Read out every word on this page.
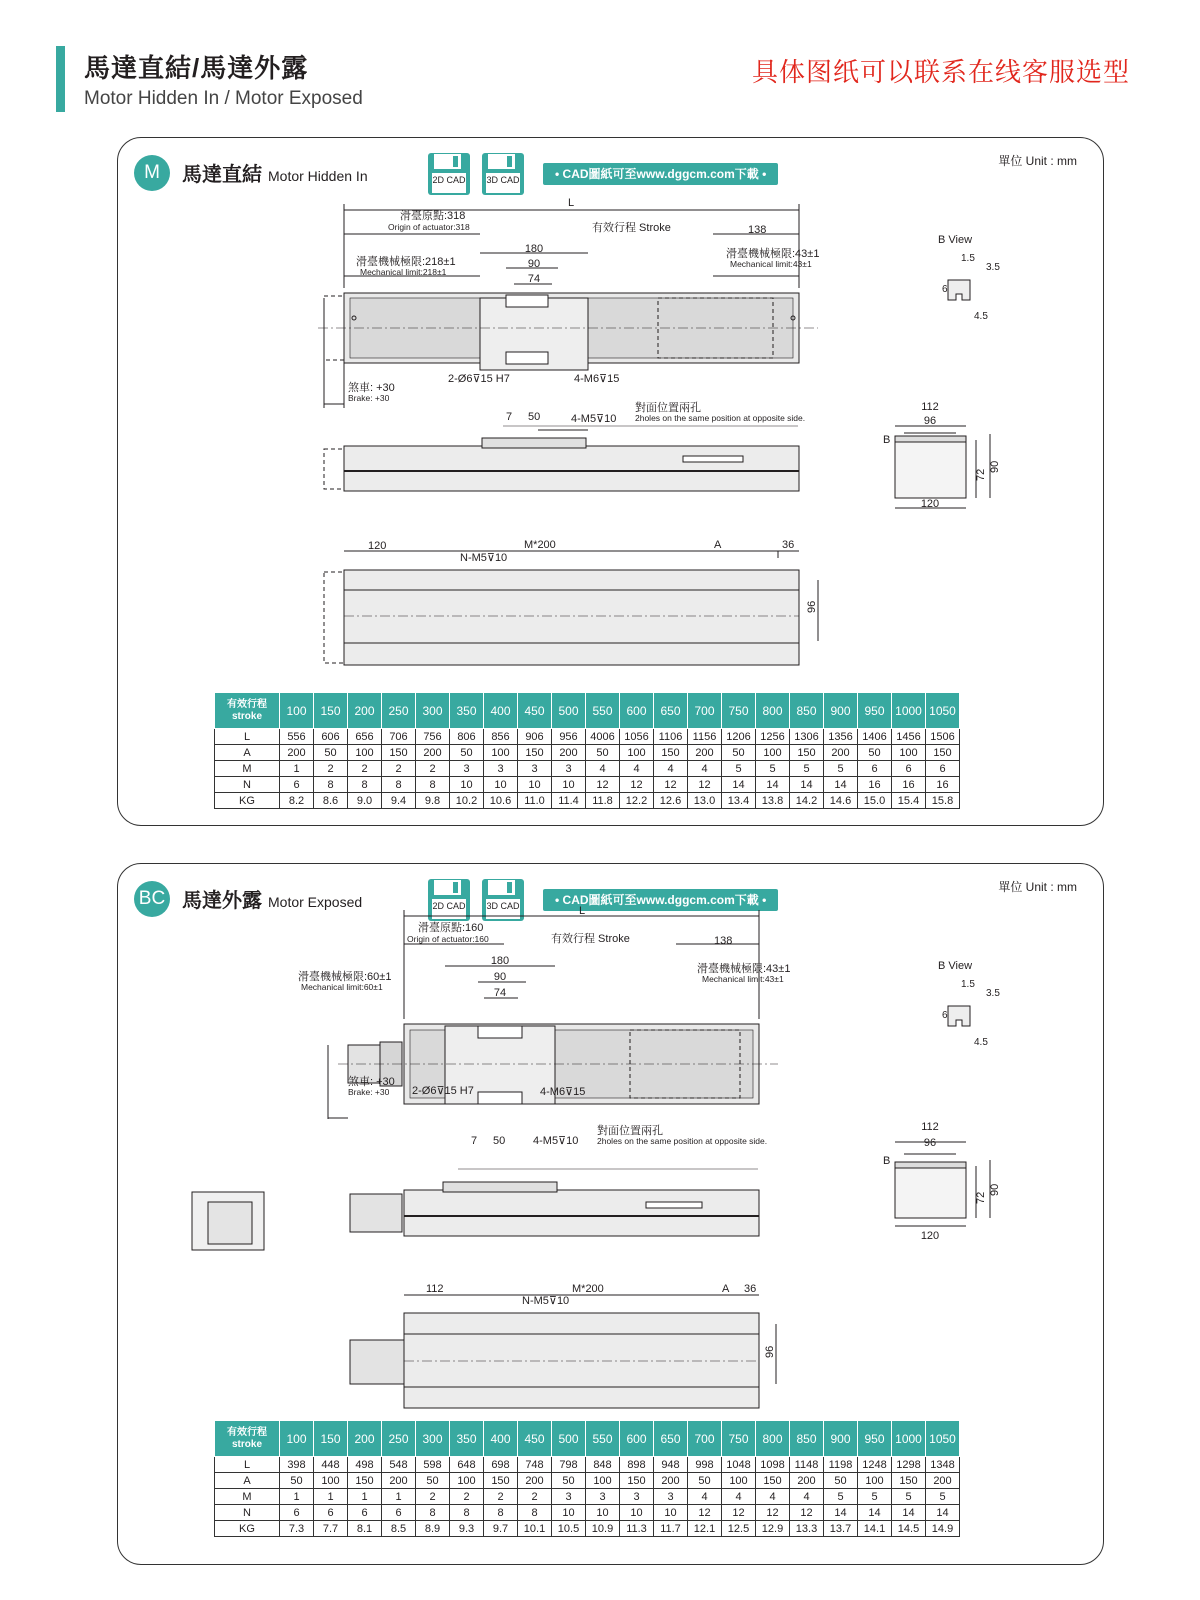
馬達直結/馬達外露
Motor Hidden In / Motor Exposed
具体图纸可以联系在线客服选型
M	馬達直結 Motor Hidden In	2D CAD	3D CAD	• CAD圖紙可至www.dggcm.com下載 •
單位 Unit : mm
L
滑臺原點:318
Origin of actuator:318	有效行程 Stroke	138
180
90
74
滑臺機械極限:218±1
Mechanical limit:218±1
滑臺機械極限:43±1
Mechanical limit:43±1
煞車: +30
Brake: +30
2-Ø6⊽15 H7	4-M6⊽15
7 50	4-M5⊽10
對面位置兩孔
2holes on the same position at opposite side.
120	M*200	A	36
N-M5⊽10
96
B View
1.5
3.5
6
4.5
112
96
B
72
90
120
有效行程
stroke	100	150	200	250	300	350	400	450	500	550	600	650	700	750	800	850	900	950	1000	1050
L	556	606	656	706	756	806	856	906	956	4006	1056	1106	1156	1206	1256	1306	1356	1406	1456	1506
A	200	50	100	150	200	50	100	150	200	50	100	150	200	50	100	150	200	50	100	150
M	1	2	2	2	2	3	3	3	3	4	4	4	4	5	5	5	5	6	6	6
N	6	8	8	8	8	10	10	10	10	12	12	12	12	14	14	14	14	16	16	16
KG	8.2	8.6	9.0	9.4	9.8	10.2	10.6	11.0	11.4	11.8	12.2	12.6	13.0	13.4	13.8	14.2	14.6	15.0	15.4	15.8
BC 馬達外露 Motor Exposed	2D CAD	3D CAD	• CAD圖紙可至www.dggcm.com下載 •
單位 Unit : mm
L
滑臺原點:160
Origin of actuator:160	有效行程 Stroke	138
180
90
74
滑臺機械極限:60±1
Mechanical limit:60±1
滑臺機械極限:43±1
Mechanical limit:43±1
煞車: +30
Brake: +30 2-Ø6⊽15 H7	4-M6⊽15
7 50	4-M5⊽10
對面位置兩孔
2holes on the same position at opposite side.
112	M*200	A 36
N-M5⊽10
96
B View
1.5
3.5
6
4.5
112
96
B
72
90
120
有效行程
stroke	100	150	200	250	300	350	400	450	500	550	600	650	700	750	800	850	900	950	1000	1050
L	398	448	498	548	598	648	698	748	798	848	898	948	998	1048	1098	1148	1198	1248	1298	1348
A	50	100	150	200	50	100	150	200	50	100	150	200	50	100	150	200	50	100	150	200
M	1	1	1	1	2	2	2	2	3	3	3	3	4	4	4	4	5	5	5	5
N	6	6	6	6	8	8	8	8	10	10	10	10	12	12	12	12	14	14	14	14
KG	7.3	7.7	8.1	8.5	8.9	9.3	9.7	10.1	10.5	10.9	11.3	11.7	12.1	12.5	12.9	13.3	13.7	14.1	14.5	14.9
